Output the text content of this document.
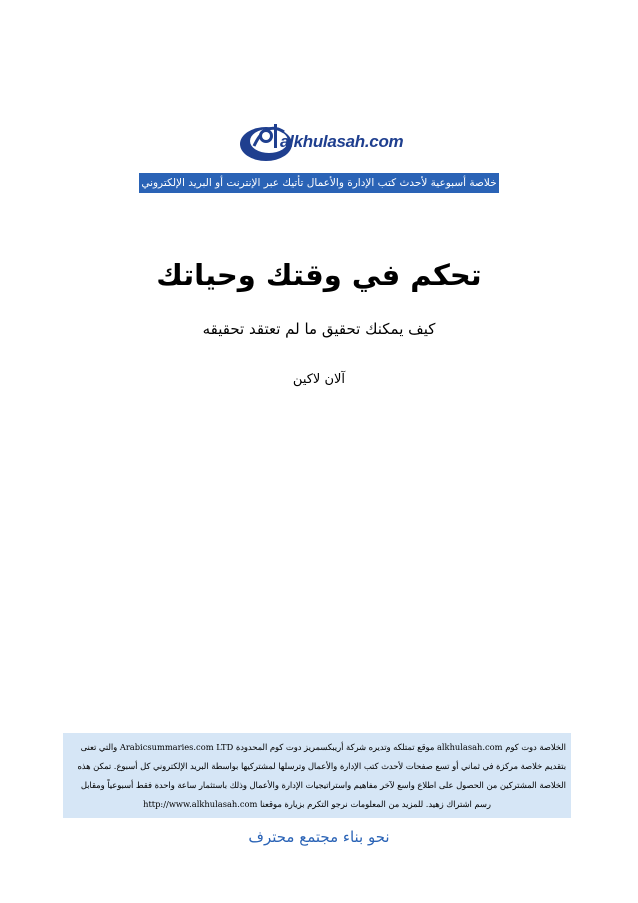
alkhulasah.com
خلاصة أسبوعية لأحدث كتب الإدارة والأعمال تأتيك عبر الإنترنت أو البريد الإلكتروني
تحكم في وقتك وحياتك
كيف يمكنك تحقيق ما لم تعتقد تحقيقه
آلان لاكين
الخلاصة دوت كوم alkhulasah.com موقع تمتلكه وتديره شركة أريبكسمريز دوت كوم المحدودة Arabicsummaries.com LTD والتي تعنى
بتقديم خلاصة مركزة في ثماني أو تسع صفحات لأحدث كتب الإدارة والأعمال وترسلها لمشتركيها بواسطة البريد الإلكتروني كل أسبوع. تمكن هذه
الخلاصة المشتركين من الحصول على اطلاع واسع لآخر مفاهيم واستراتيجيات الإدارة والأعمال وذلك باستثمار ساعة واحدة فقط أسبوعياً ومقابل
رسم اشتراك زهيد. للمزيد من المعلومات نرجو التكرم بزيارة موقعنا http://www.alkhulasah.com
نحو بناء مجتمع محترف
